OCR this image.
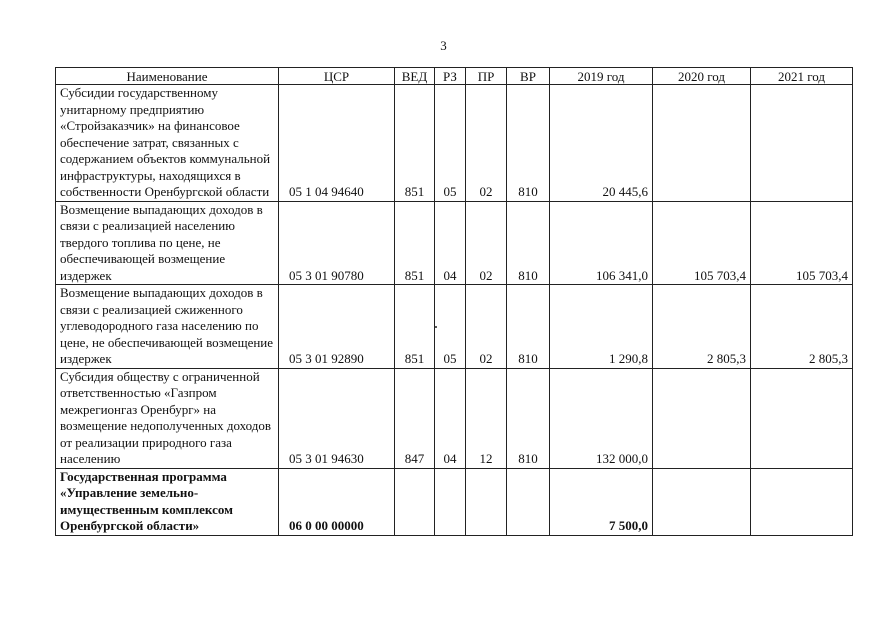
3
Наименование	ЦСР	ВЕД	РЗ	ПР	ВР	2019 год	2020 год	2021 год
Субсидии государственному унитарному предприятию «Стройзаказчик» на финансовое обеспечение затрат, связанных с содержанием объектов коммунальной инфраструктуры, находящихся в собственности Оренбургской области	05 1 04 94640	851	05	02	810	20 445,6		
Возмещение выпадающих доходов в связи с реализацией населению твердого топлива по цене, не обеспечивающей возмещение издержек	05 3 01 90780	851	04	02	810	106 341,0	105 703,4	105 703,4
Возмещение выпадающих доходов в связи с реализацией сжиженного углеводородного газа населению по цене, не обеспечивающей возмещение издержек	05 3 01 92890	851	05	02	810	1 290,8	2 805,3	2 805,3
Субсидия обществу с ограниченной ответственностью «Газпром межрегионгаз Оренбург» на возмещение недополученных доходов от реализации природного газа населению	05 3 01 94630	847	04	12	810	132 000,0		
Государственная программа «Управление земельно-имущественным комплексом Оренбургской области»	06 0 00 00000					7 500,0		
